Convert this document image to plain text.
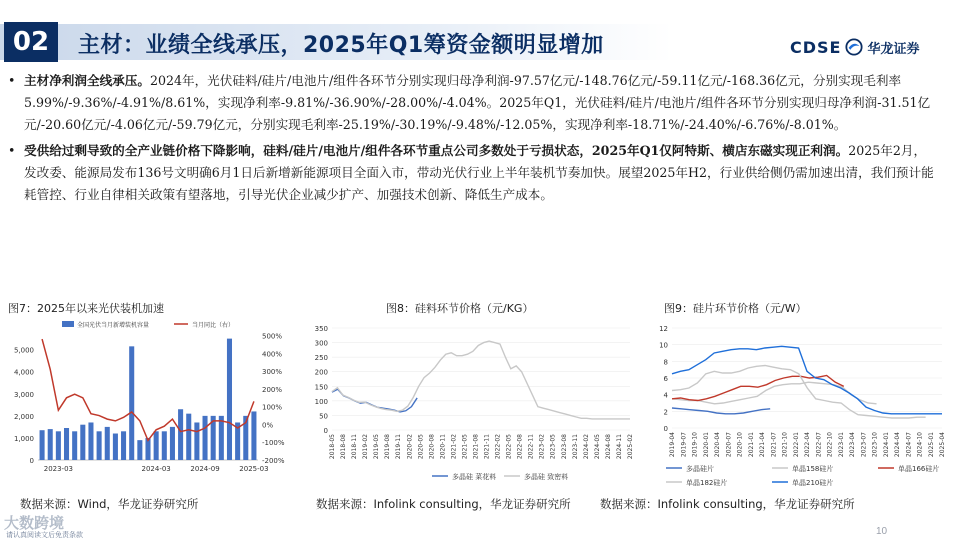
02	主材：业绩全线承压，2025年Q1筹资金额明显增加	CDSE 华龙证券
• 主材净利润全线承压。2024年，光伏硅料/硅片/电池片/组件各环节分别实现归母净利润-97.57亿元/-148.76亿元/-59.11亿元/-168.36亿元，分别实现毛利率5.99%/-9.36%/-4.91%/8.61%，实现净利率-9.81%/-36.90%/-28.00%/-4.04%。2025年Q1，光伏硅料/硅片/电池片/组件各环节分别实现归母净利润-31.51亿元/-20.60亿元/-4.06亿元/-59.79亿元，分别实现毛利率-25.19%/-30.19%/-9.48%/-12.05%，实现净利率-18.71%/-24.40%/-6.76%/-8.01%。
• 受供给过剩导致的全产业链价格下降影响，硅料/硅片/电池片/组件各环节重点公司多数处于亏损状态，2025年Q1仅阿特斯、横店东磁实现正利润。2025年2月，发改委、能源局发布136号文明确6月1日后新增新能源项目全面入市，带动光伏行业上半年装机节奏加快。展望2025年H2，行业供给侧仍需加速出清，我们预计能耗管控、行业自律相关政策有望落地，引导光伏企业减少扩产、加强技术创新、降低生产成本。
图7：2025年以来光伏装机加速	图8：硅料环节价格（元/KG）	图9：硅片环节价格（元/W）
全国光伏当月新增装机容量	当月同比（右）
0
1,000
2,000
3,000
4,000
5,000
-200%
-100%
0%
100%
200%
300%
400%
500%
2023-03	2024-03	2024-09	2025-03
0
50
100
150
200
250
300
350
2018-05 2018-08 2018-11 2019-02 2019-05 2019-08 2019-11 2020-02 2020-05 2020-08 2020-11 2021-02 2021-05 2021-08 2021-11 2022-02 2022-05 2022-08 2022-11 2023-02 2023-05 2023-08 2023-11 2024-02 2024-05 2024-08 2024-11 2025-02
多晶硅 菜花料	多晶硅 致密料
0
2
4
6
8
10
12
2019-04 2019-07 2019-10 2020-01 2020-04 2020-07 2020-10 2021-01 2021-04 2021-07 2021-10 2022-01 2022-04 2022-07 2022-10 2023-01 2023-04 2023-07 2023-10 2024-01 2024-04 2024-07 2024-10 2025-01 2025-04
多晶硅片	单晶158硅片	单晶166硅片
单晶182硅片	单晶210硅片
数据来源：Wind，华龙证券研究所	数据来源：Infolink consulting，华龙证券研究所	数据来源：Infolink consulting，华龙证券研究所
大数跨境
请认真阅读文后免责条款	10
